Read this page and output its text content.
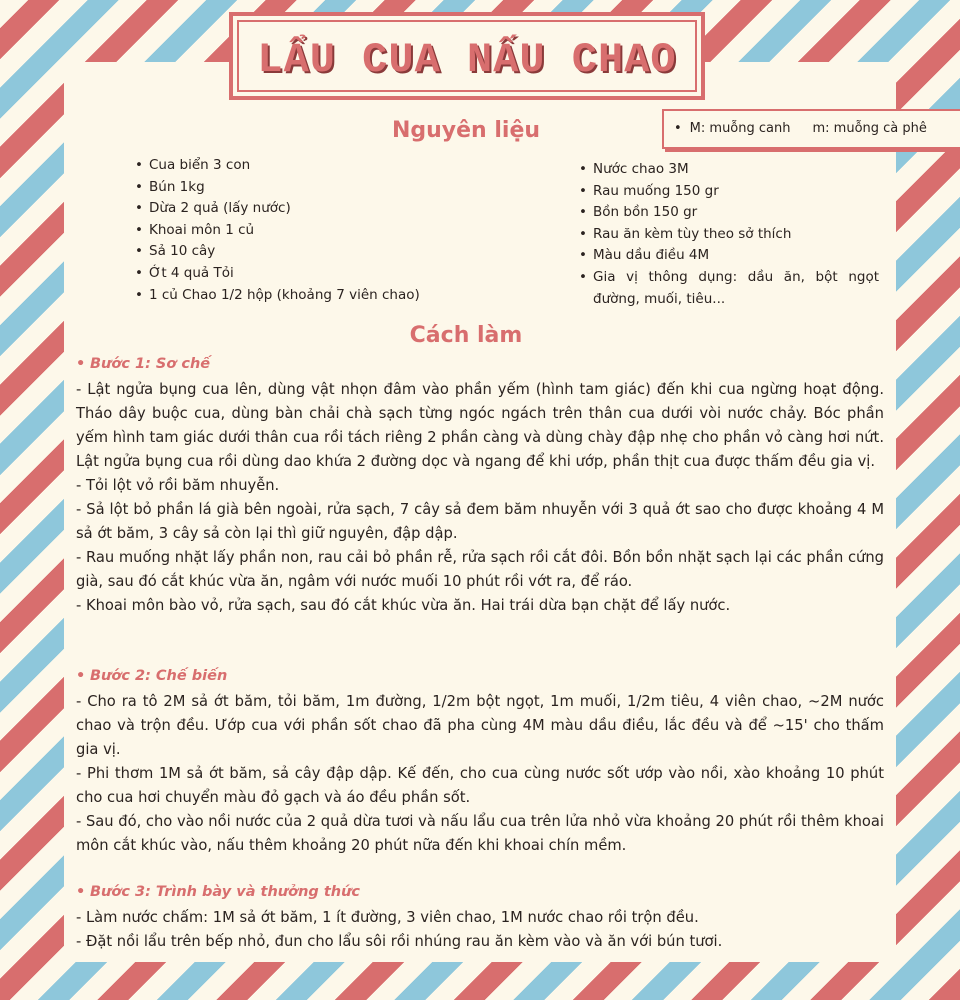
LẨU CUA NẤU CHAO
• M: muỗng canh m: muỗng cà phê
Nguyên liệu
• Cua biển 3 con
• Bún 1kg
• Dừa 2 quả (lấy nước)
• Khoai môn 1 củ
• Sả 10 cây
• Ớt 4 quả Tỏi
• 1 củ Chao 1/2 hộp (khoảng 7 viên chao)
• Nước chao 3M
• Rau muống 150 gr
• Bồn bồn 150 gr
• Rau ăn kèm tùy theo sở thích
• Màu dầu điều 4M
• Gia vị thông dụng: dầu ăn, bột ngọt đường, muối, tiêu...
Cách làm
• Bước 1: Sơ chế
- Lật ngửa bụng cua lên, dùng vật nhọn đâm vào phần yếm (hình tam giác) đến khi cua ngừng hoạt động. Tháo dây buộc cua, dùng bàn chải chà sạch từng ngóc ngách trên thân cua dưới vòi nước chảy. Bóc phần yếm hình tam giác dưới thân cua rồi tách riêng 2 phần càng và dùng chày đập nhẹ cho phần vỏ càng hơi nứt. Lật ngửa bụng cua rồi dùng dao khứa 2 đường dọc và ngang để khi ướp, phần thịt cua được thấm đều gia vị.
- Tỏi lột vỏ rồi băm nhuyễn.
- Sả lột bỏ phần lá già bên ngoài, rửa sạch, 7 cây sả đem băm nhuyễn với 3 quả ớt sao cho được khoảng 4 M sả ớt băm, 3 cây sả còn lại thì giữ nguyên, đập dập.
- Rau muống nhặt lấy phần non, rau cải bỏ phần rễ, rửa sạch rồi cắt đôi. Bồn bồn nhặt sạch lại các phần cứng già, sau đó cắt khúc vừa ăn, ngâm với nước muối 10 phút rồi vớt ra, để ráo.
- Khoai môn bào vỏ, rửa sạch, sau đó cắt khúc vừa ăn. Hai trái dừa bạn chặt để lấy nước.
• Bước 2: Chế biến
- Cho ra tô 2M sả ớt băm, tỏi băm, 1m đường, 1/2m bột ngọt, 1m muối, 1/2m tiêu, 4 viên chao, ~2M nước chao và trộn đều. Ướp cua với phần sốt chao đã pha cùng 4M màu dầu điều, lắc đều và để ~15' cho thấm gia vị.
- Phi thơm 1M sả ớt băm, sả cây đập dập. Kế đến, cho cua cùng nước sốt ướp vào nồi, xào khoảng 10 phút cho cua hơi chuyển màu đỏ gạch và áo đều phần sốt.
- Sau đó, cho vào nồi nước của 2 quả dừa tươi và nấu lẩu cua trên lửa nhỏ vừa khoảng 20 phút rồi thêm khoai môn cắt khúc vào, nấu thêm khoảng 20 phút nữa đến khi khoai chín mềm.
• Bước 3: Trình bày và thưởng thức
- Làm nước chấm: 1M sả ớt băm, 1 ít đường, 3 viên chao, 1M nước chao rồi trộn đều.
- Đặt nồi lẩu trên bếp nhỏ, đun cho lẩu sôi rồi nhúng rau ăn kèm vào và ăn với bún tươi.
